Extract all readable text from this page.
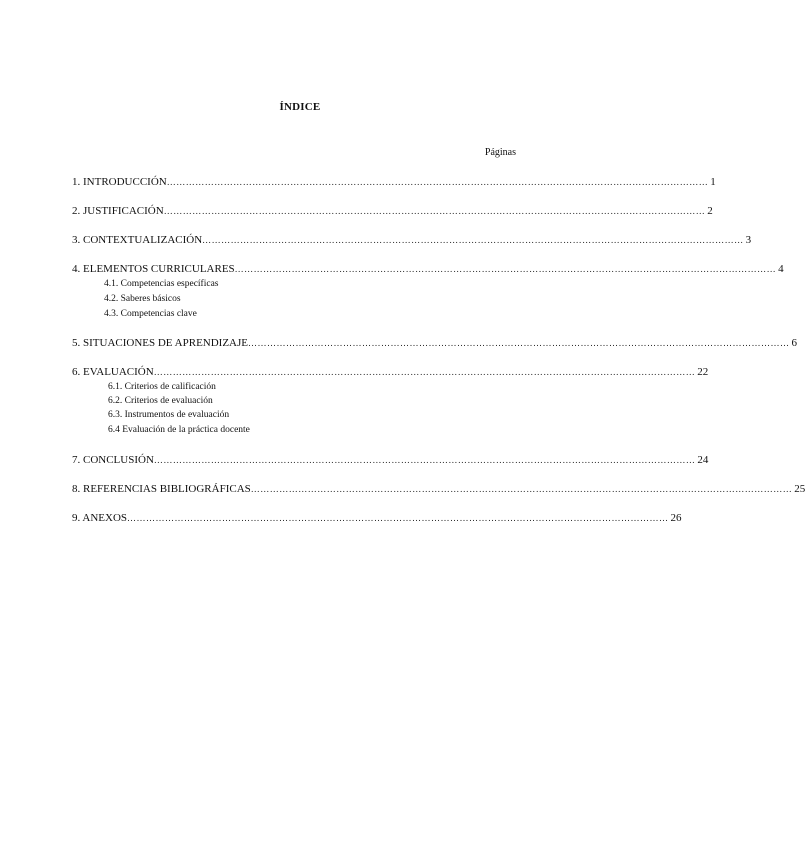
ÍNDICE
Páginas
1. INTRODUCCIÓN ……………………………………………………………………………………………………………………………………………………… 1
2. JUSTIFICACIÓN ……………………………………………………………………………………………………………………………………………………… 2
3. CONTEXTUALIZACIÓN ……………………………………………………………………………………………………………………………………………………… 3
4. ELEMENTOS CURRICULARES ……………………………………………………………………………………………………………………………………………………… 4
4.1. Competencias específicas
4.2. Saberes básicos
4.3. Competencias clave
5. SITUACIONES DE APRENDIZAJE ……………………………………………………………………………………………………………………………………………………… 6
6. EVALUACIÓN ……………………………………………………………………………………………………………………………………………………… 22
6.1. Criterios de calificación
6.2. Criterios de evaluación
6.3. Instrumentos de evaluación
6.4 Evaluación de la práctica docente
7. CONCLUSIÓN ……………………………………………………………………………………………………………………………………………………… 24
8. REFERENCIAS BIBLIOGRÁFICAS ……………………………………………………………………………………………………………………………………………………… 25
9. ANEXOS ……………………………………………………………………………………………………………………………………………………… 26
